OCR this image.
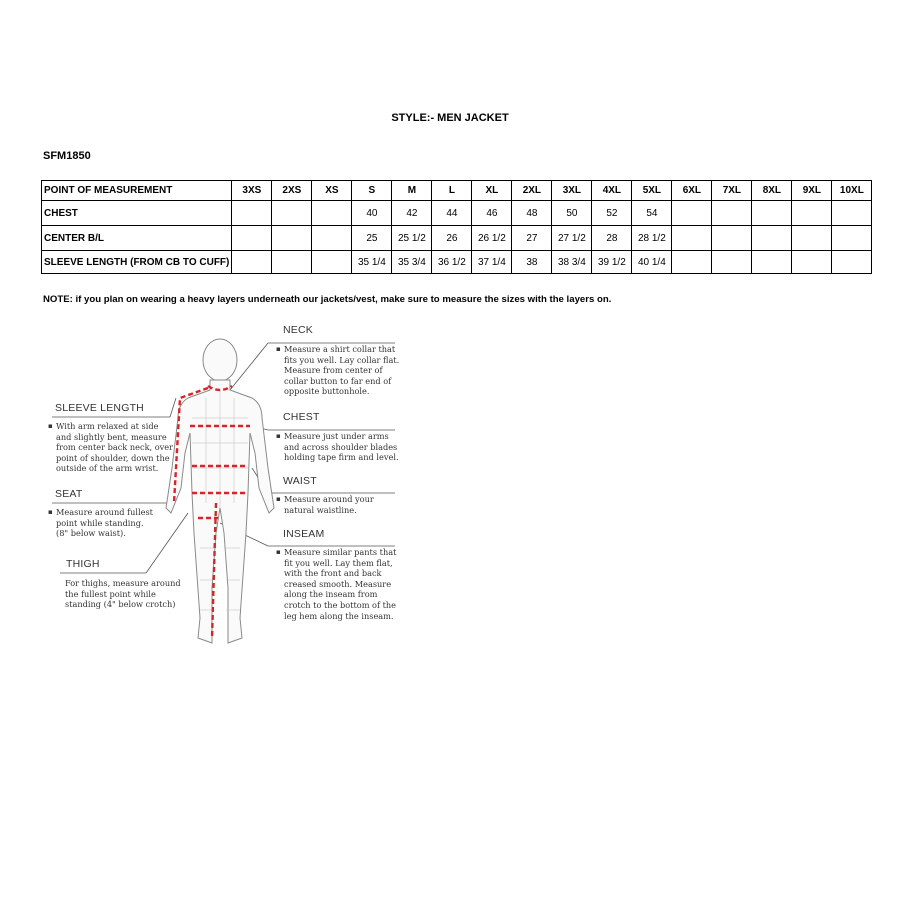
STYLE:- MEN JACKET
SFM1850
POINT OF MEASUREMENT	3XS	2XS	XS	S	M	L	XL	2XL	3XL	4XL	5XL	6XL	7XL	8XL	9XL	10XL
CHEST				40	42	44	46	48	50	52	54					
CENTER B/L				25	25 1/2	26	26 1/2	27	27 1/2	28	28 1/2					
SLEEVE LENGTH (FROM CB TO CUFF)				35 1/4	35 3/4	36 1/2	37 1/4	38	38 3/4	39 1/2	40 1/4					
NOTE: if you plan on wearing a heavy layers underneath our jackets/vest, make sure to measure the sizes with the layers on.
NECK
▪ Measure a shirt collar that
fits you well. Lay collar flat.
Measure from center of
collar button to far end of
opposite buttonhole.
CHEST
▪ Measure just under arms
and across shoulder blades
holding tape firm and level.
WAIST
▪ Measure around your
natural waistline.
INSEAM
▪ Measure similar pants that
fit you well. Lay them flat,
with the front and back
creased smooth. Measure
along the inseam from
crotch to the bottom of the
leg hem along the inseam.
SLEEVE LENGTH
▪ With arm relaxed at side
and slightly bent, measure
from center back neck, over
point of shoulder, down the
outside of the arm wrist.
SEAT
▪ Measure around fullest
point while standing.
(8" below waist).
THIGH
For thighs, measure around
the fullest point while
standing (4" below crotch)
